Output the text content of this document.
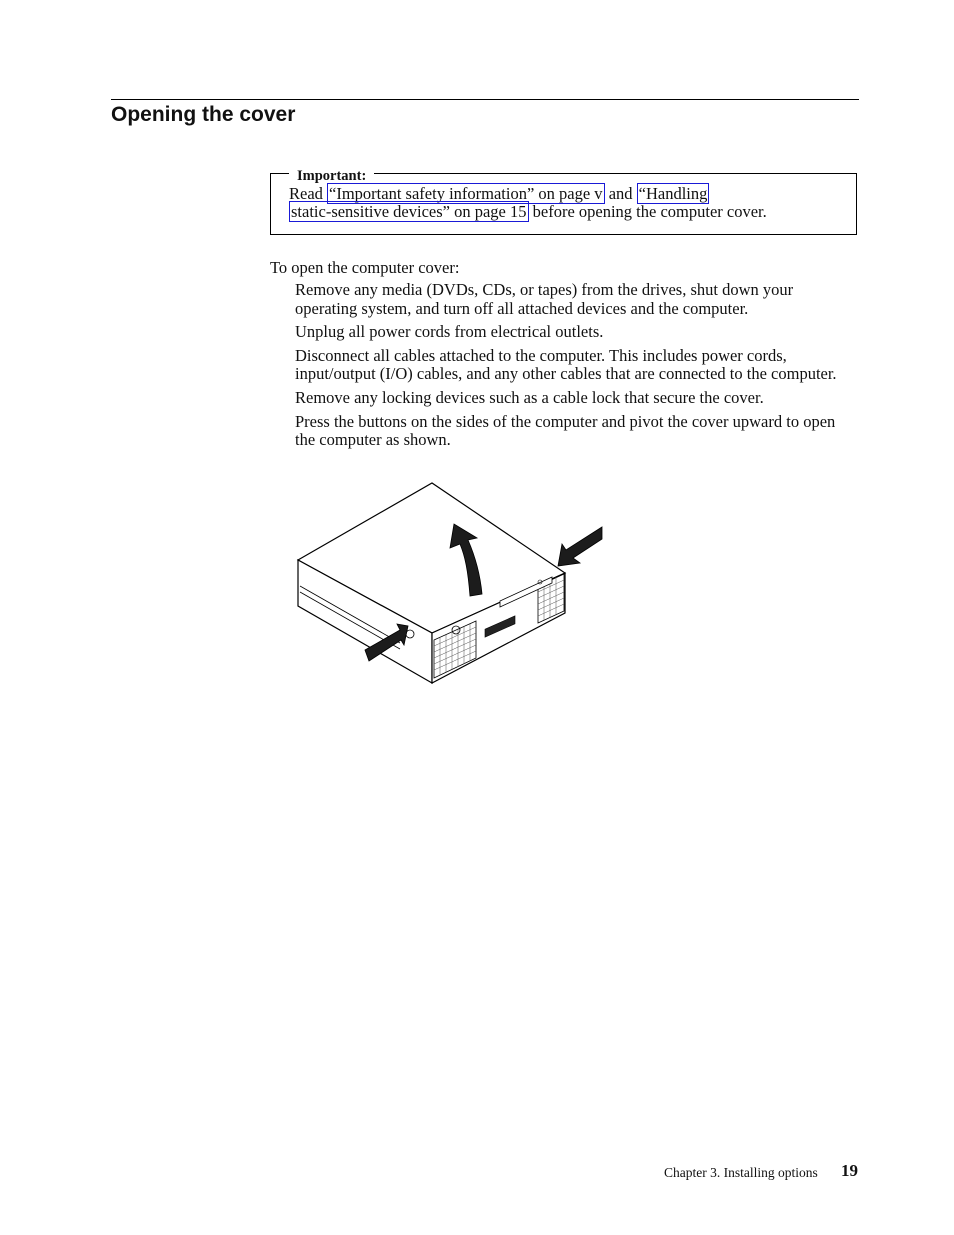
Opening the cover
Important:

Read “Important safety information” on page v and “Handling
static-sensitive devices” on page 15 before opening the computer cover.

To open the computer cover:

Remove any media (DVDs, CDs, or tapes) from the drives, shut down your operating system, and turn off all attached devices and the computer.
Unplug all power cords from electrical outlets.
Disconnect all cables attached to the computer. This includes power cords, input/output (I/O) cables, and any other cables that are connected to the computer.
Remove any locking devices such as a cable lock that secure the cover.
Press the buttons on the sides of the computer and pivot the cover upward to open the computer as shown.
Chapter 3. Installing options 19
